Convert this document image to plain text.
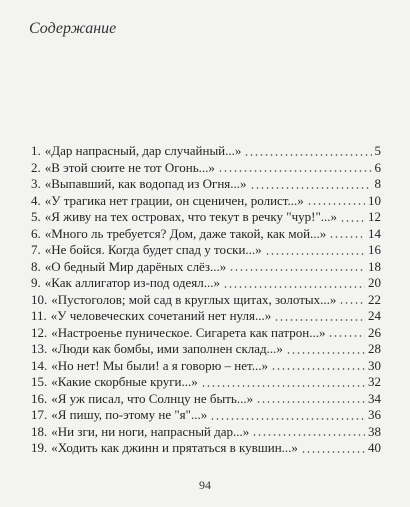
Содержание
1. «Дар напрасный, дар случайный...»	5
2. «В этой сюите не тот Огонь...»	6
3. «Выпавший, как водопад из Огня...»	8
4. «У трагика нет грации, он сценичен, ролист...»	10
5. «Я живу на тех островах, что текут в речку "чур!"...» 12
6. «Много ль требуется? Дом, даже такой, как мой...»	14
7. «Не бойся. Когда будет спад у тоски...»	16
8. «О бедный Мир дарёных слёз...»	18
9. «Как аллигатор из-под одеял...»	20
10. «Пустоголов; мой сад в круглых щитах, золотых...» 22
11. «У человеческих сочетаний нет нуля...»	24
12. «Настроенье пуническое. Сигарета как патрон...»	26
13. «Люди как бомбы, ими заполнен склад...»	28
14. «Но нет! Мы были! а я говорю – нет...»	30
15. «Какие скорбные круги...»	32
16. «Я уж писал, что Солнцу не быть...»	34
17. «Я пишу, по-этому не "я"...»	36
18. «Ни зги, ни ноги, напрасный дар...»	38
19. «Ходить как джинн и прятаться в кувшин...»	40
94
